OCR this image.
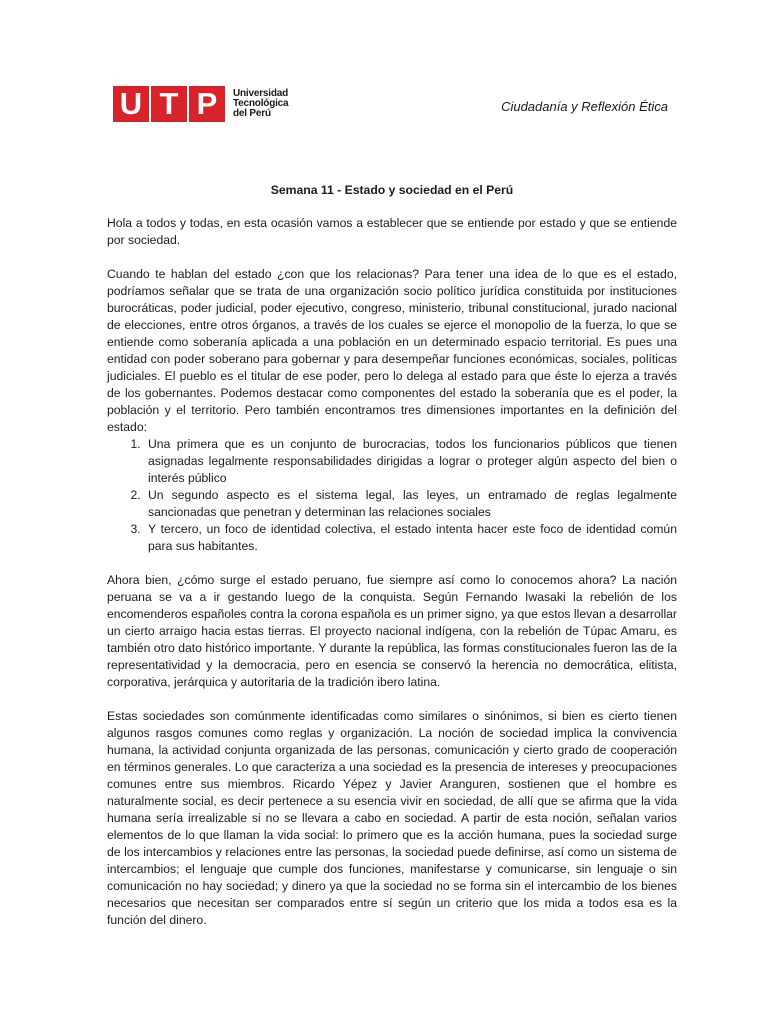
U T P	Universidad
Tecnológica
del Perú	Ciudadanía y Reflexión Ética
Semana 11 - Estado y sociedad en el Perú

Hola a todos y todas, en esta ocasión vamos a establecer que se entiende por estado y que se entiende por sociedad.

Cuando te hablan del estado ¿con que los relacionas? Para tener una idea de lo que es el estado, podríamos señalar que se trata de una organización socio político jurídica constituida por instituciones burocráticas, poder judicial, poder ejecutivo, congreso, ministerio, tribunal constitucional, jurado nacional de elecciones, entre otros órganos, a través de los cuales se ejerce el monopolio de la fuerza, lo que se entiende como soberanía aplicada a una población en un determinado espacio territorial. Es pues una entidad con poder soberano para gobernar y para desempeñar funciones económicas, sociales, políticas judiciales. El pueblo es el titular de ese poder, pero lo delega al estado para que éste lo ejerza a través de los gobernantes. Podemos destacar como componentes del estado la soberanía que es el poder, la población y el territorio. Pero también encontramos tres dimensiones importantes en la definición del estado:

1. Una primera que es un conjunto de burocracias, todos los funcionarios públicos que tienen asignadas legalmente responsabilidades dirigidas a lograr o proteger algún aspecto del bien o interés público
2. Un segundo aspecto es el sistema legal, las leyes, un entramado de reglas legalmente sancionadas que penetran y determinan las relaciones sociales
3. Y tercero, un foco de identidad colectiva, el estado intenta hacer este foco de identidad común para sus habitantes.

Ahora bien, ¿cómo surge el estado peruano, fue siempre así como lo conocemos ahora? La nación peruana se va a ir gestando luego de la conquista. Según Fernando Iwasaki la rebelión de los encomenderos españoles contra la corona española es un primer signo, ya que estos llevan a desarrollar un cierto arraigo hacia estas tierras. El proyecto nacional indígena, con la rebelión de Túpac Amaru, es también otro dato histórico importante. Y durante la república, las formas constitucionales fueron las de la representatividad y la democracia, pero en esencia se conservó la herencia no democrática, elitista, corporativa, jerárquica y autoritaria de la tradición ibero latina.

Estas sociedades son comúnmente identificadas como similares o sinónimos, si bien es cierto tienen algunos rasgos comunes como reglas y organización. La noción de sociedad implica la convivencia humana, la actividad conjunta organizada de las personas, comunicación y cierto grado de cooperación en términos generales. Lo que caracteriza a una sociedad es la presencia de intereses y preocupaciones comunes entre sus miembros. Ricardo Yépez y Javier Aranguren, sostienen que el hombre es naturalmente social, es decir pertenece a su esencia vivir en sociedad, de allí que se afirma que la vida humana sería irrealizable si no se llevara a cabo en sociedad. A partir de esta noción, señalan varios elementos de lo que llaman la vida social: lo primero que es la acción humana, pues la sociedad surge de los intercambios y relaciones entre las personas, la sociedad puede definirse, así como un sistema de intercambios; el lenguaje que cumple dos funciones, manifestarse y comunicarse, sin lenguaje o sin comunicación no hay sociedad; y dinero ya que la sociedad no se forma sin el intercambio de los bienes necesarios que necesitan ser comparados entre sí según un criterio que los mida a todos esa es la función del dinero.
